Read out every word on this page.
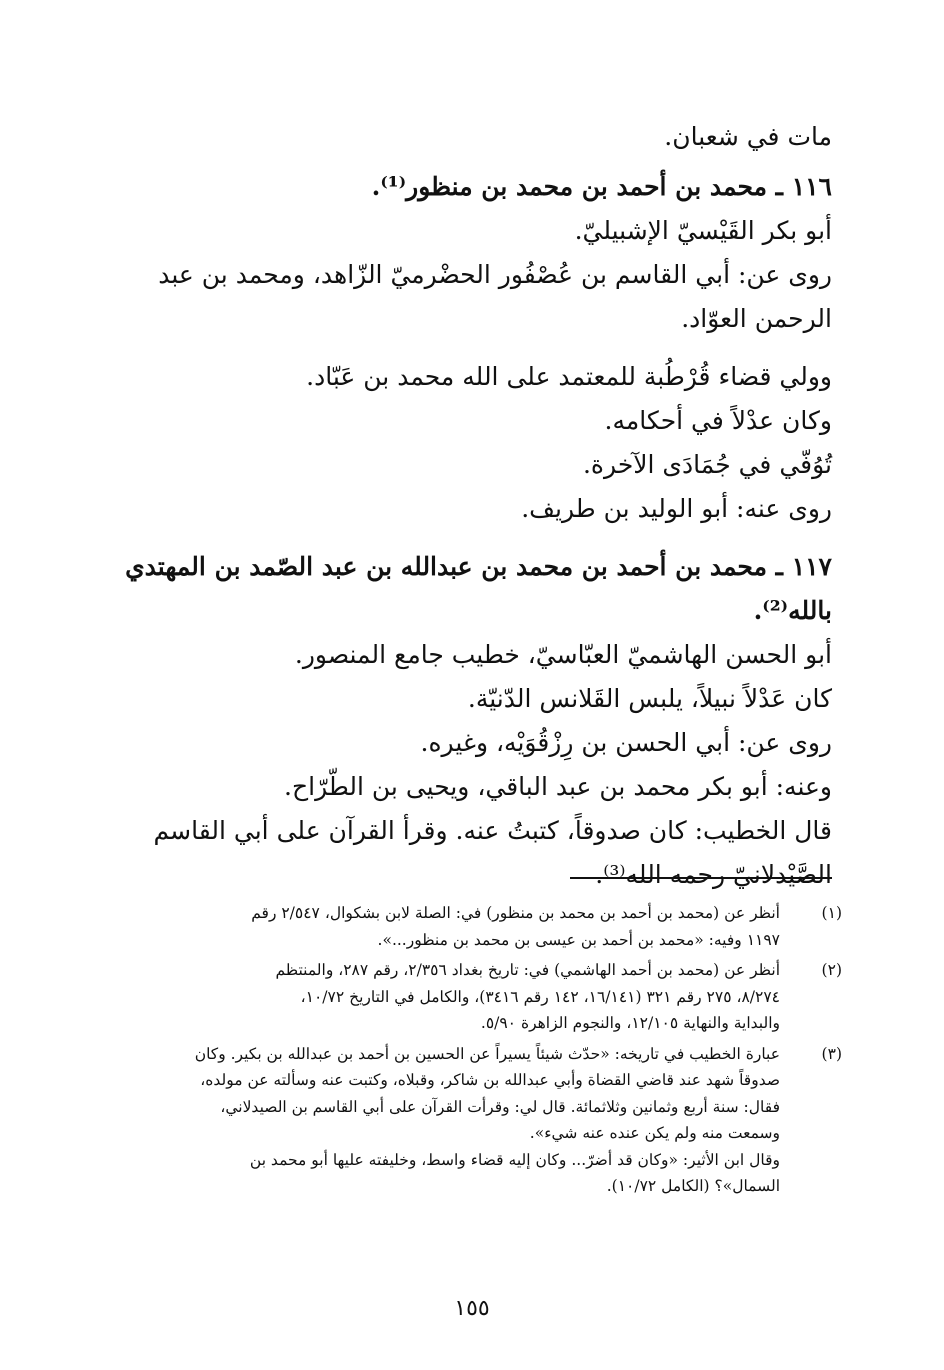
مات في شعبان.

١١٦ ـ محمد بن أحمد بن محمد بن منظور⁽¹⁾.

أبو بكر القَيْسيّ الإشبيليّ.

روى عن: أبي القاسم بن عُصْفُور الحضْرميّ الزّاهد، ومحمد بن عبد

الرحمن العوّاد.

وولي قضاء قُرْطُبة للمعتمد على الله محمد بن عَبّاد.

وكان عدْلاً في أحكامه.

تُوُفّي في جُمَادَى الآخرة.

روى عنه: أبو الوليد بن طريف.

١١٧ ـ محمد بن أحمد بن محمد بن عبدالله بن عبد الصّمد بن المهتدي

بالله⁽²⁾.

أبو الحسن الهاشميّ العبّاسيّ، خطيب جامع المنصور.

كان عَدْلاً نبيلاً، يلبس القَلانس الدّنيّة.

روى عن: أبي الحسن بن رِزْقُوَيْه، وغيره.

وعنه: أبو بكر محمد بن عبد الباقي، ويحيى بن الطّرّاح.

قال الخطيب: كان صدوقاً، كتبتُ عنه. وقرأ القرآن على أبي القاسم

الصَّيْدلانيّ رحمه الله⁽³⁾.

(١)
أنظر عن (محمد بن أحمد بن محمد بن منظور) في: الصلة لابن بشكوال، ٢/٥٤٧ رقم
١١٩٧ وفيه: «محمد بن أحمد بن عيسى بن محمد بن منظور...».
(٢)
أنظر عن (محمد بن أحمد الهاشمي) في: تاريخ بغداد ٢/٣٥٦، رقم ٢٨٧، والمنتظم
٨/٢٧٤، ٢٧٥ رقم ٣٢١ (١٦/١٤١، ١٤٢ رقم ٣٤١٦)، والكامل في التاريخ ١٠/٧٢،
والبداية والنهاية ١٢/١٠٥، والنجوم الزاهرة ٥/٩٠.
(٣)
عبارة الخطيب في تاريخه: «حدّث شيئاً يسيراً عن الحسين بن أحمد بن عبدالله بن بكير. وكان
صدوقاً شهد عند قاضي القضاة وأبي عبدالله بن شاكر، وقبلاه، وكتبت عنه وسألته عن مولده،
فقال: سنة أربع وثمانين وثلاثمائة. قال لي: وقرأت القرآن على أبي القاسم بن الصيدلاني،
وسمعت منه ولم يكن عنده عنه شيء».
وقال ابن الأثير: «وكان قد أضرّ... وكان إليه قضاء واسط، وخليفته عليها أبو محمد بن
السمال»؟ (الكامل ١٠/٧٢).
١٥٥
